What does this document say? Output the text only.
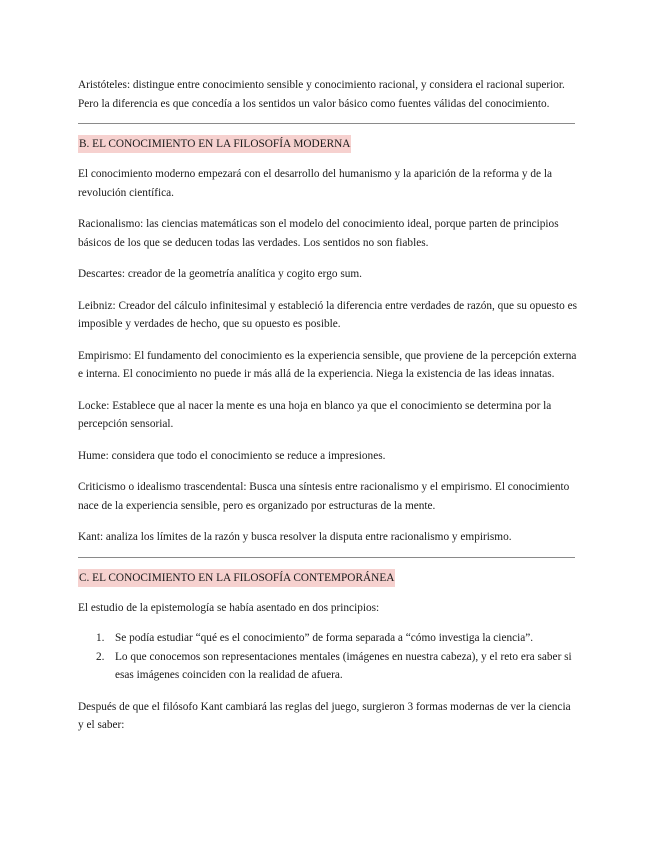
Aristóteles: distingue entre conocimiento sensible y conocimiento racional, y considera el racional superior. Pero la diferencia es que concedía a los sentidos un valor básico como fuentes válidas del conocimiento.

B. EL CONOCIMIENTO EN LA FILOSOFÍA MODERNA

El conocimiento moderno empezará con el desarrollo del humanismo y la aparición de la reforma y de la revolución científica.

Racionalismo: las ciencias matemáticas son el modelo del conocimiento ideal, porque parten de principios básicos de los que se deducen todas las verdades. Los sentidos no son fiables.

Descartes: creador de la geometría analítica y cogito ergo sum.

Leibniz: Creador del cálculo infinitesimal y estableció la diferencia entre verdades de razón, que su opuesto es imposible y verdades de hecho, que su opuesto es posible.

Empirismo: El fundamento del conocimiento es la experiencia sensible, que proviene de la percepción externa e interna. El conocimiento no puede ir más allá de la experiencia. Niega la existencia de las ideas innatas.

Locke: Establece que al nacer la mente es una hoja en blanco ya que el conocimiento se determina por la percepción sensorial.

Hume: considera que todo el conocimiento se reduce a impresiones.

Criticismo o idealismo trascendental: Busca una síntesis entre racionalismo y el empirismo. El conocimiento nace de la experiencia sensible, pero es organizado por estructuras de la mente.

Kant: analiza los límites de la razón y busca resolver la disputa entre racionalismo y empirismo.

C. EL CONOCIMIENTO EN LA FILOSOFÍA CONTEMPORÁNEA

El estudio de la epistemología se había asentado en dos principios:

1. Se podía estudiar “qué es el conocimiento” de forma separada a “cómo investiga la ciencia”.
2. Lo que conocemos son representaciones mentales (imágenes en nuestra cabeza), y el reto era saber si esas imágenes coinciden con la realidad de afuera.

Después de que el filósofo Kant cambiará las reglas del juego, surgieron 3 formas modernas de ver la ciencia y el saber:
